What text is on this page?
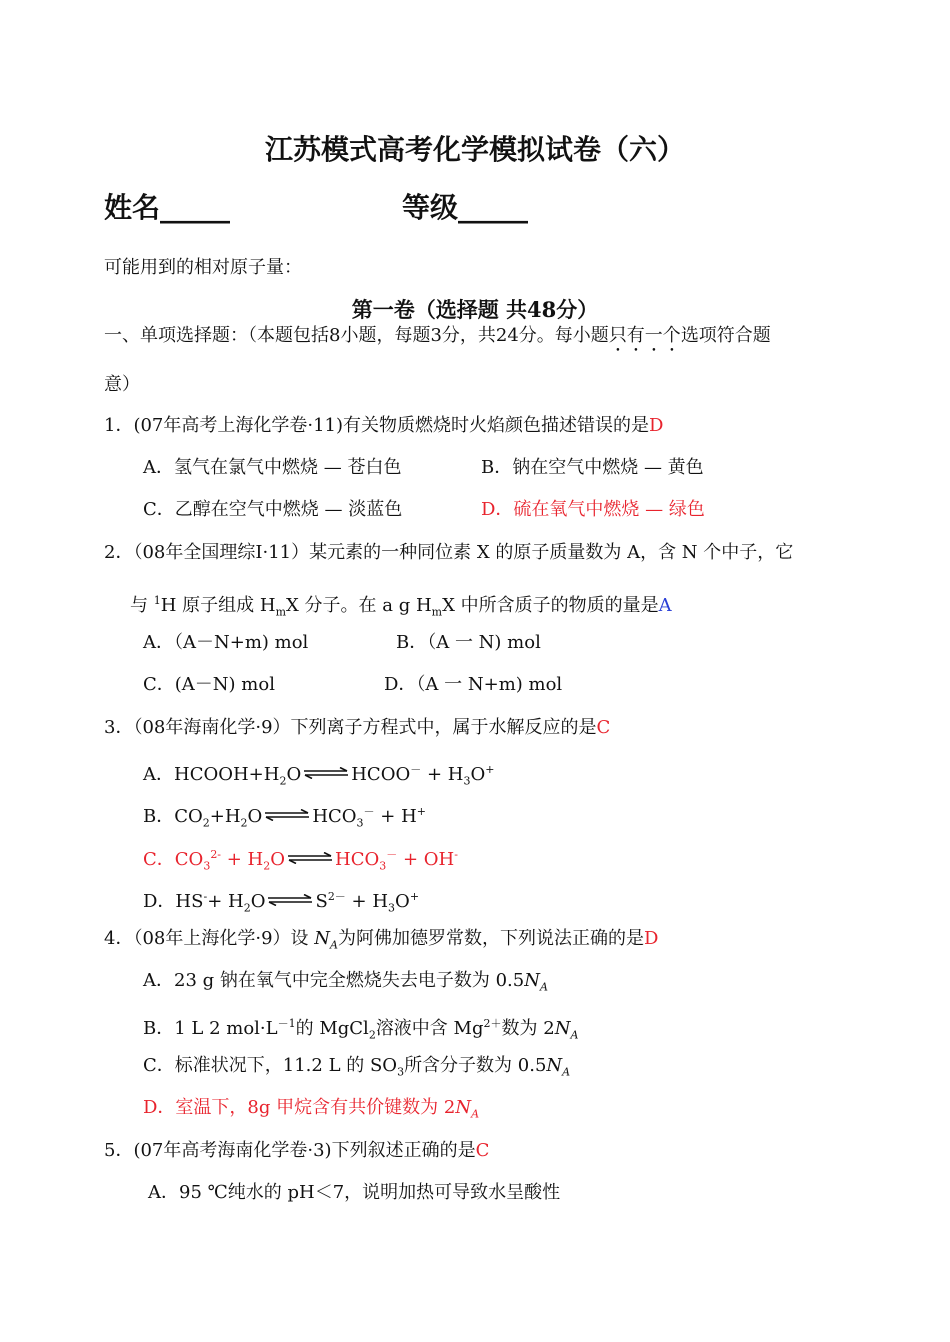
江苏模式高考化学模拟试卷（六）
姓名_____	等级_____
可能用到的相对原子量：
第一卷（选择题 共48分）
一、单项选择题：（本题包括8小题，每题3分，共24分。每小题只有一个选项符合题
意）
1．(07年高考上海化学卷·11)有关物质燃烧时火焰颜色描述错误的是D
A．氢气在氯气中燃烧 — 苍白色	B．钠在空气中燃烧 — 黄色
C．乙醇在空气中燃烧 — 淡蓝色	D．硫在氧气中燃烧 — 绿色
2．（08年全国理综Ⅰ·11）某元素的一种同位素 X 的原子质量数为 A，含 N 个中子，它
与 $^1$H 原子组成 $H_mX$ 分子。在 a g $H_mX$ 中所含质子的物质的量是A
A．（A－N+m) mol	B．（A 一 N) mol
C．(A－N) mol	D．（A 一 N+m) mol
3．（08年海南化学·9）下列离子方程式中，属于水解反应的是C
A．$HCOOH+H_2O$ ⇌ HCOO－ + $H_3O^+$
B．$CO_2+H_2O$ ⇌ $HCO_3^- + H^+$
C．$CO_3^{2-} + H_2O$ ⇌ $HCO_3^- + OH^-$
D．$HS^-+ H_2O$ ⇌ $S^{2-} + H_3O^+$
4．（08年上海化学·9）设 $N_A$为阿佛加德罗常数，下列说法正确的是D
A．23 g 钠在氧气中完全燃烧失去电子数为 $0.5N_A$
B．1 L 2 $mol\cdot L^{-1}$的 MgCl$_2$溶液中含 $Mg^{2+}$数为 $2N_A$
C．标准状况下，11.2 L 的 $SO_3$所含分子数为 $0.5N_A$
D．室温下，8g 甲烷含有共价键数为 $2N_A$
5．(07年高考海南化学卷·3)下列叙述正确的是C
A．95 ℃纯水的 pH＜7，说明加热可导致水呈酸性
